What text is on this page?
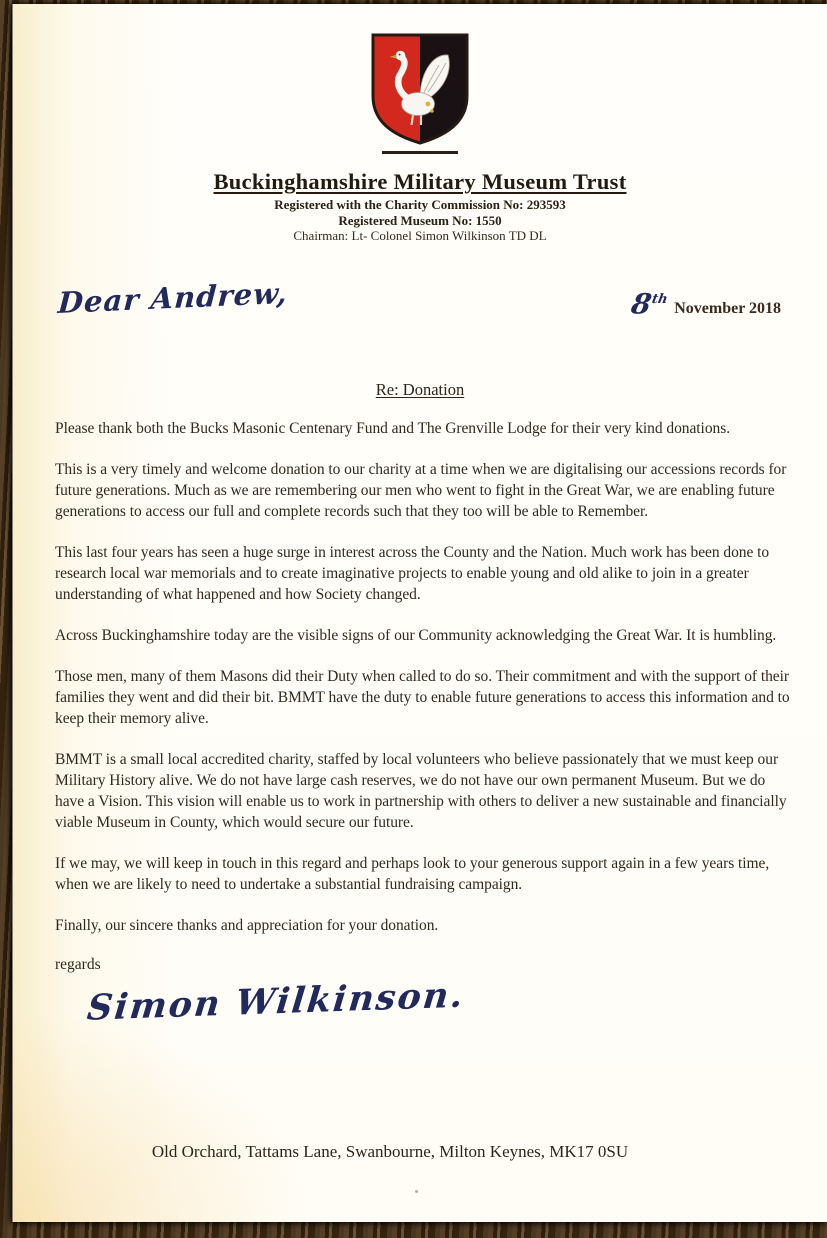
Buckinghamshire Military Museum Trust
Registered with the Charity Commission No: 293593
Registered Museum No: 1550
Chairman: Lt- Colonel Simon Wilkinson TD DL
Dear Andrew,	8th
November 2018
Re: Donation

Please thank both the Bucks Masonic Centenary Fund and The Grenville Lodge for their very kind donations.

This is a very timely and welcome donation to our charity at a time when we are digitalising our accessions records for future generations. Much as we are remembering our men who went to fight in the Great War, we are enabling future generations to access our full and complete records such that they too will be able to Remember.

This last four years has seen a huge surge in interest across the County and the Nation. Much work has been done to research local war memorials and to create imaginative projects to enable young and old alike to join in a greater understanding of what happened and how Society changed.

Across Buckinghamshire today are the visible signs of our Community acknowledging the Great War. It is humbling.

Those men, many of them Masons did their Duty when called to do so. Their commitment and with the support of their families they went and did their bit. BMMT have the duty to enable future generations to access this information and to keep their memory alive.

BMMT is a small local accredited charity, staffed by local volunteers who believe passionately that we must keep our Military History alive. We do not have large cash reserves, we do not have our own permanent Museum. But we do have a Vision. This vision will enable us to work in partnership with others to deliver a new sustainable and financially viable Museum in County, which would secure our future.

If we may, we will keep in touch in this regard and perhaps look to your generous support again in a few years time, when we are likely to need to undertake a substantial fundraising campaign.

Finally, our sincere thanks and appreciation for your donation.

regards
Simon Wilkinson.
Old Orchard, Tattams Lane, Swanbourne, Milton Keynes, MK17 0SU
